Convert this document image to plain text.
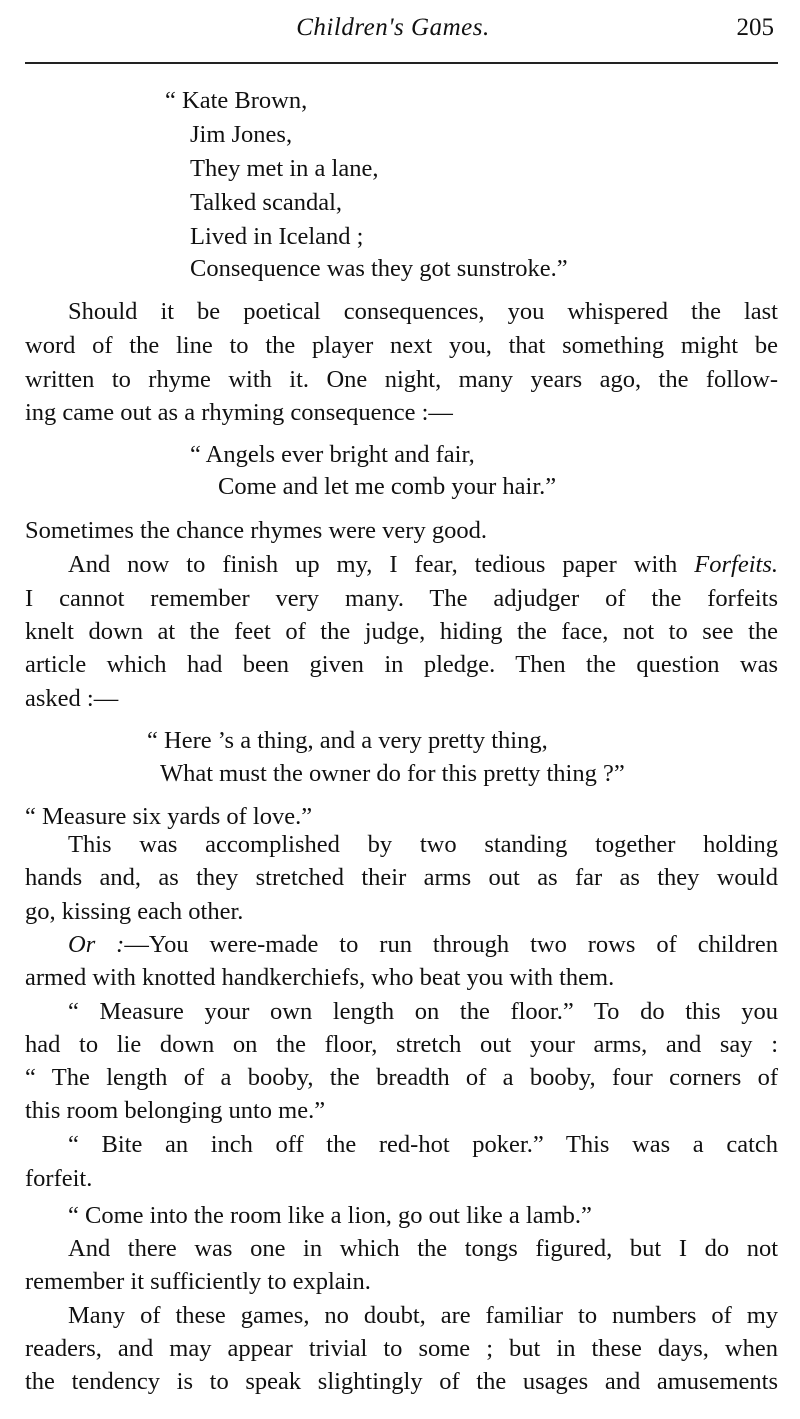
Children's Games.	205
“ Kate Brown,
Jim Jones,
They met in a lane,
Talked scandal,
Lived in Iceland ;
Consequence was they got sunstroke.”
Should it be poetical consequences, you whispered the last
word of the line to the player next you, that something might be
written to rhyme with it. One night, many years ago, the follow-
ing came out as a rhyming consequence :—
“ Angels ever bright and fair,
Come and let me comb your hair.”
Sometimes the chance rhymes were very good.
And now to finish up my, I fear, tedious paper with Forfeits.
I cannot remember very many. The adjudger of the forfeits
knelt down at the feet of the judge, hiding the face, not to see the
article which had been given in pledge. Then the question was
asked :—
“ Here ’s a thing, and a very pretty thing,
What must the owner do for this pretty thing ?”
“ Measure six yards of love.”
This was accomplished by two standing together holding
hands and, as they stretched their arms out as far as they would
go, kissing each other.
Or :—You were-made to run through two rows of children
armed with knotted handkerchiefs, who beat you with them.
“ Measure your own length on the floor.” To do this you
had to lie down on the floor, stretch out your arms, and say :
“ The length of a booby, the breadth of a booby, four corners of
this room belonging unto me.”
“ Bite an inch off the red-hot poker.” This was a catch
forfeit.
“ Come into the room like a lion, go out like a lamb.”
And there was one in which the tongs figured, but I do not
remember it sufficiently to explain.
Many of these games, no doubt, are familiar to numbers of my
readers, and may appear trivial to some ; but in these days, when
the tendency is to speak slightingly of the usages and amusements
